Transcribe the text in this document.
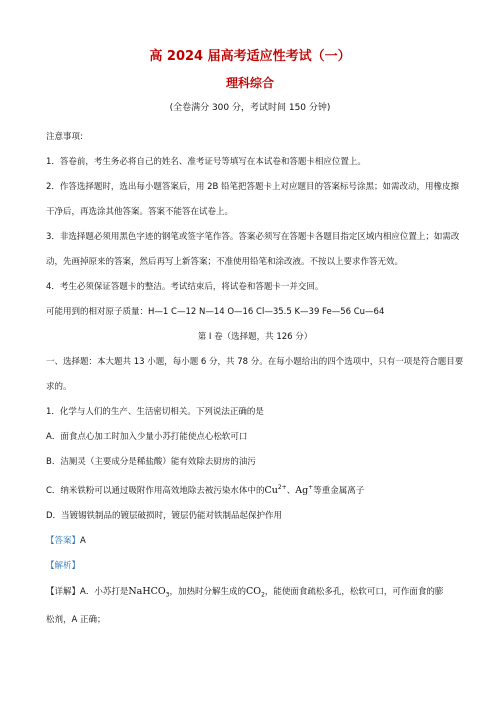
高 2024 届高考适应性考试（一）
理科综合
(全卷满分 300 分，考试时间 150 分钟)
注意事项:
1．答卷前，考生务必将自己的姓名、准考证号等填写在本试卷和答题卡相应位置上。
2．作答选择题时，选出每小题答案后，用 2B 铅笔把答题卡上对应题目的答案标号涂黑；如需改动，用橡皮擦干净后，再选涂其他答案。答案不能答在试卷上。
3．非选择题必须用黑色字迹的钢笔或签字笔作答。答案必须写在答题卡各题目指定区域内相应位置上；如需改动，先画掉原来的答案，然后再写上新答案；不准使用铅笔和涂改液。不按以上要求作答无效。
4．考生必须保证答题卡的整洁。考试结束后，将试卷和答题卡一并交回。
可能用到的相对原子质量：H—1 C—12 N—14 O—16 Cl—35.5 K—39 Fe—56 Cu—64
第 I 卷（选择题，共 126 分）
一、选择题：本大题共 13 小题，每小题 6 分，共 78 分。在每小题给出的四个选项中，只有一项是符合题目要求的。
1．化学与人们的生产、生活密切相关。下列说法正确的是
A．面食点心加工时加入少量小苏打能使点心松软可口
B．洁厕灵（主要成分是稀盐酸）能有效除去厨房的油污
C．纳米铁粉可以通过吸附作用高效地除去被污染水体中的$Cu^{2+}$、Ag+等重金属离子
D．当镀锡铁制品的镀层破损时，镀层仍能对铁制品起保护作用
【答案】A
【解析】
【详解】A．小苏打是NaHCO$_3$，加热时分解生成的$CO_2$，能使面食疏松多孔，松软可口，可作面食的膨
松剂，A 正确；
